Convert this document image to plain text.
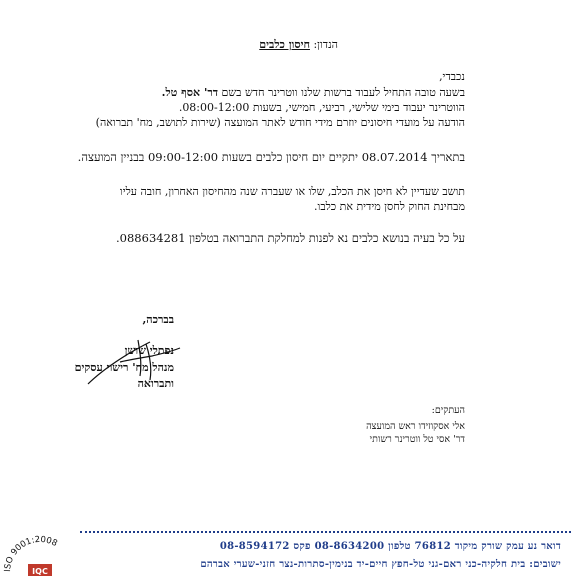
הנדון: חיסון כלבים
נכבדי,
בשעה טובה התחיל לעבוד ברשות שלנו ווטרינר חדש בשם דר' אסף טל.
הווטרינר יעבוד בימי שלישי, רביעי, חמישי, בשעות 08:00-12:00.
הודעה על מועדי חיסונים יוזרם מידי חודש לאתר המועצה (שירות לתושב, מח' תברואה)
בתאריך 08.07.2014 יתקיים יום חיסון כלבים בשעות 09:00-12:00 בבניין המועצה.
תושב שעדיין לא חיסן את הכלב, שלו או שעברה שנה מהחיסון האחרון, חובה עליו
מבחינת החוק לחסן מידית את כלבו.
על כל בעיה בנושא כלבים נא לפנות למחלקת התברואה בטלפון 088634281.
בברכה,
נפתלי שושן
מנהל מח' רישוי עסקים
ותברואה
העתקים:
אלי אסקוזידו ראש המועצה
דר' אסי טל ווטרינר רשותי
ISO 9001:2008
IQC
דואר נע עמק שורק מיקוד 76812 טלפון 08-8634200 פקס 08-8594172
ישובים: בית חלקיה-כני ראם-גני טל-חפץ חיים-יד בנימין-סתרות-נצר חזני-שערי אברהם
